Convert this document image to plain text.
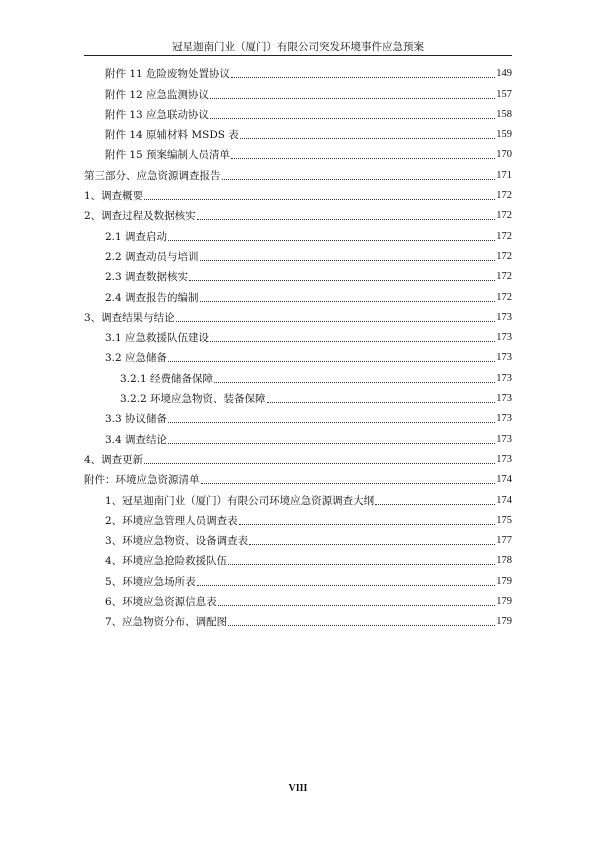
冠星迦南门业（厦门）有限公司突发环境事件应急预案
附件 11 危险废物处置协议	149
附件 12 应急监测协议	157
附件 13 应急联动协议	158
附件 14 原辅材料 MSDS 表	159
附件 15 预案编制人员清单	170
第三部分、应急资源调查报告	171
1、调查概要	172
2、调查过程及数据核实	172
2.1 调查启动	172
2.2 调查动员与培训	172
2.3 调查数据核实	172
2.4 调查报告的编制	172
3、调查结果与结论	173
3.1 应急救援队伍建设	173
3.2 应急储备	173
3.2.1 经费储备保障	173
3.2.2 环境应急物资、装备保障	173
3.3 协议储备	173
3.4 调查结论	173
4、调查更新	173
附件：环境应急资源清单	174
1、冠星迦南门业（厦门）有限公司环境应急资源调查大纲	174
2、环境应急管理人员调查表	175
3、环境应急物资、设备调查表	177
4、环境应急抢险救援队伍	178
5、环境应急场所表	179
6、环境应急资源信息表	179
7、应急物资分布、调配图	179
VIII
